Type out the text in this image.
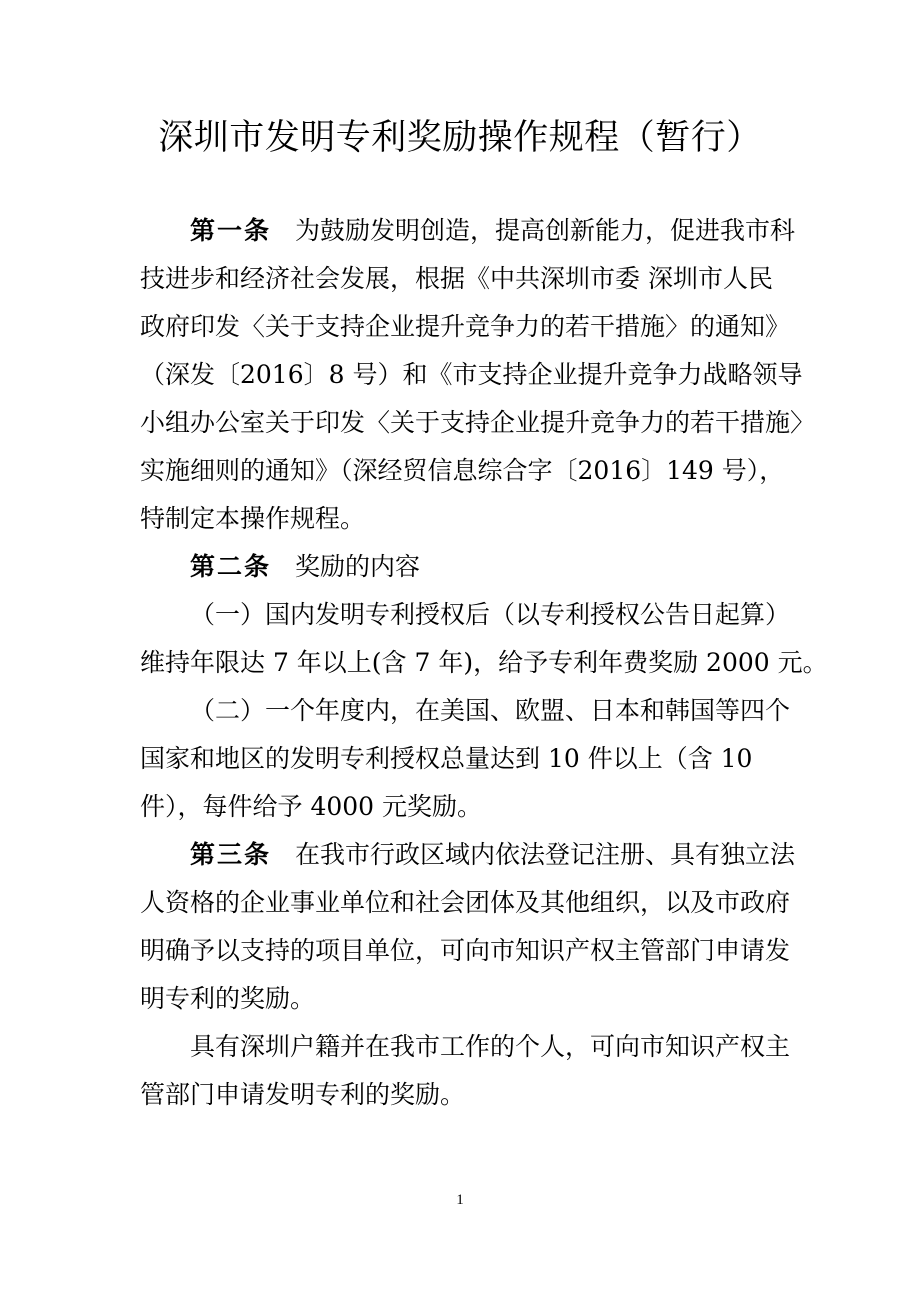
深圳市发明专利奖励操作规程（暂行）
第一条 为鼓励发明创造，提高创新能力，促进我市科
技进步和经济社会发展，根据《中共深圳市委 深圳市人民
政府印发〈关于支持企业提升竞争力的若干措施〉的通知》
（深发〔2016〕8 号）和《市支持企业提升竞争力战略领导
小组办公室关于印发〈关于支持企业提升竞争力的若干措施〉
实施细则的通知》（深经贸信息综合字〔2016〕149 号），
特制定本操作规程。
第二条 奖励的内容
（一）国内发明专利授权后（以专利授权公告日起算）
维持年限达 7 年以上(含 7 年)，给予专利年费奖励 2000 元。
（二）一个年度内，在美国、欧盟、日本和韩国等四个
国家和地区的发明专利授权总量达到 10 件以上（含 10
件），每件给予 4000 元奖励。
第三条 在我市行政区域内依法登记注册、具有独立法
人资格的企业事业单位和社会团体及其他组织，以及市政府
明确予以支持的项目单位，可向市知识产权主管部门申请发
明专利的奖励。
具有深圳户籍并在我市工作的个人，可向市知识产权主
管部门申请发明专利的奖励。
1
